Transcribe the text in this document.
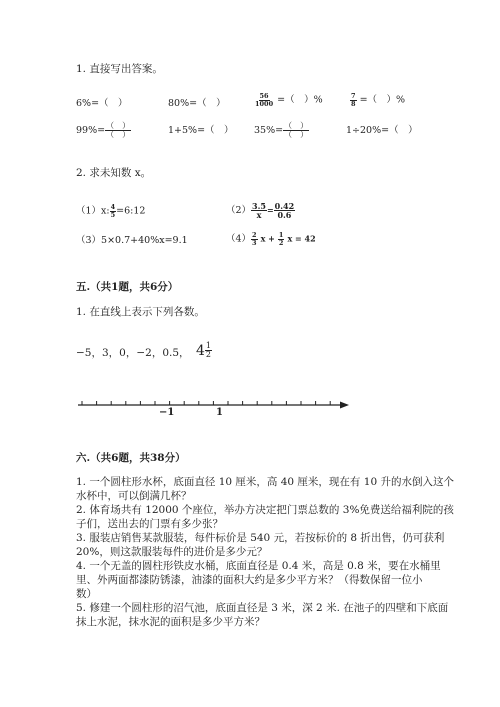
1. 直接写出答案。
6%=（　）	80%=（　）	$\frac{56}{1000}$ =（　）%	$\frac{7}{8}$ =（　）%
$99\%= \frac{( )}{( )}$	1+5%=（　） $35\%= \frac{( )}{( )}$	1÷20%=（　）
2. 求未知数 x。
（1）x: $\frac{4}{5}$ =6:12	$(2) \frac{3.5}{x} = \frac{0.42}{0.6}$
（3）5×0.7+40%x=9.1	$(4) \frac{2}{3}$ $x + \frac{1}{2}$ x = 42
五.（共1题，共6分）
1. 在直线上表示下列各数。
−5，3，0，−2，0.5， $4 \frac{1}{2}$
−1	1
六.（共6题，共38分）
1. 一个圆柱形水杯，底面直径 10 厘米，高 40 厘米，现在有 10 升的水倒入这个
水杯中，可以倒满几杯？
2. 体育场共有 12000 个座位，举办方决定把门票总数的 3%免费送给福利院的孩
子们，送出去的门票有多少张？
3. 服装店销售某款服装，每件标价是 540 元，若按标价的 8 折出售，仍可获利
20%，则这款服装每件的进价是多少元？
4. 一个无盖的圆柱形铁皮水桶，底面直径是 0.4 米，高是 0.8 米，要在水桶里
里、外两面都漆防锈漆，油漆的面积大约是多少平方米？（得数保留一位小
数）
5. 修建一个圆柱形的沼气池，底面直径是 3 米，深 2 米. 在池子的四壁和下底面
抹上水泥，抹水泥的面积是多少平方米？
